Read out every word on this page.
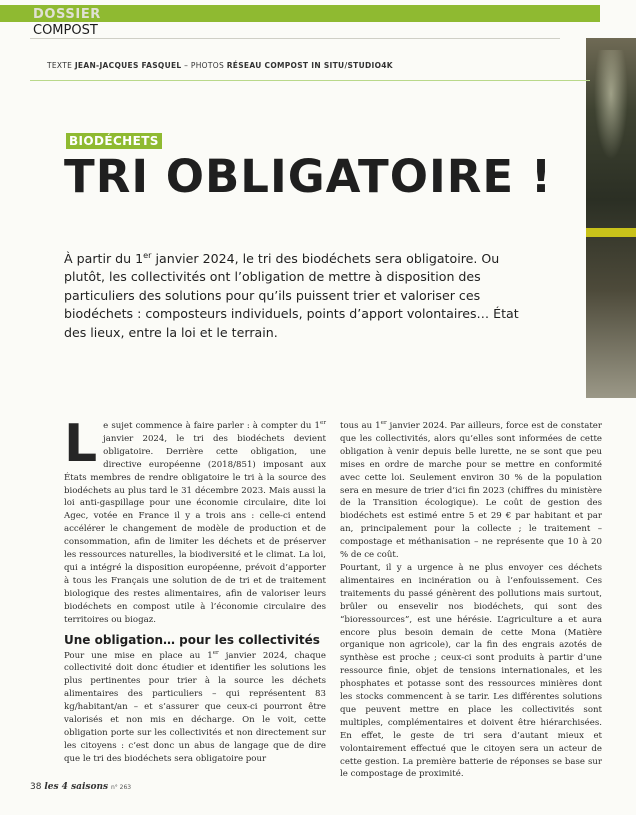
DOSSIER
COMPOST
TEXTE JEAN-JACQUES FASQUEL – PHOTOS RÉSEAU COMPOST IN SITU/STUDIO4K
BIODÉCHETS
TRI OBLIGATOIRE !

À partir du 1er janvier 2024, le tri des biodéchets sera obligatoire. Ou plutôt, les collectivités ont l’obligation de mettre à disposition des particuliers des solutions pour qu’ils puissent trier et valoriser ces biodéchets : composteurs individuels, points d’apport volontaires… État des lieux, entre la loi et le terrain.

Le sujet commence à faire parler : à compter du 1er janvier 2024, le tri des biodéchets devient obligatoire. Derrière cette obligation, une directive européenne (2018/851) imposant aux États membres de rendre obligatoire le tri à la source des biodéchets au plus tard le 31 décembre 2023. Mais aussi la loi anti-gaspillage pour une économie circulaire, dite loi Agec, votée en France il y a trois ans : celle-ci entend accélérer le changement de modèle de production et de consommation, afin de limiter les déchets et de préserver les ressources naturelles, la biodiversité et le climat. La loi, qui a intégré la disposition européenne, prévoit d’apporter à tous les Français une solution de de tri et de traitement biologique des restes alimentaires, afin de valoriser leurs biodéchets en compost utile à l’économie circulaire des territoires ou biogaz.

Une obligation… pour les collectivités

Pour une mise en place au 1er janvier 2024, chaque collectivité doit donc étudier et identifier les solutions les plus pertinentes pour trier à la source les déchets alimentaires des particuliers – qui représentent 83 kg/habitant/an – et s’assurer que ceux-ci pourront être valorisés et non mis en décharge. On le voit, cette obligation porte sur les collectivités et non directement sur les citoyens : c’est donc un abus de langage que de dire que le tri des biodéchets sera obligatoire pour

tous au 1er janvier 2024. Par ailleurs, force est de constater que les collectivités, alors qu’elles sont informées de cette obligation à venir depuis belle lurette, ne se sont que peu mises en ordre de marche pour se mettre en conformité avec cette loi. Seulement environ 30 % de la population sera en mesure de trier d’ici fin 2023 (chiffres du ministère de la Transition écologique). Le coût de gestion des biodéchets est estimé entre 5 et 29 € par habitant et par an, principalement pour la collecte ; le traitement – compostage et méthanisation – ne représente que 10 à 20 % de ce coût.

Pourtant, il y a urgence à ne plus envoyer ces déchets alimentaires en incinération ou à l’enfouissement. Ces traitements du passé génèrent des pollutions mais surtout, brûler ou ensevelir nos biodéchets, qui sont des “bioressources”, est une hérésie. L’agriculture a et aura encore plus besoin demain de cette Mona (Matière organique non agricole), car la fin des engrais azotés de synthèse est proche ; ceux-ci sont produits à partir d’une ressource finie, objet de tensions internationales, et les phosphates et potasse sont des ressources minières dont les stocks commencent à se tarir. Les différentes solutions que peuvent mettre en place les collectivités sont multiples, complémentaires et doivent être hiérarchisées. En effet, le geste de tri sera d’autant mieux et volontairement effectué que le citoyen sera un acteur de cette gestion. La première batterie de réponses se base sur le compostage de proximité.

38 les 4 saisons n° 263
